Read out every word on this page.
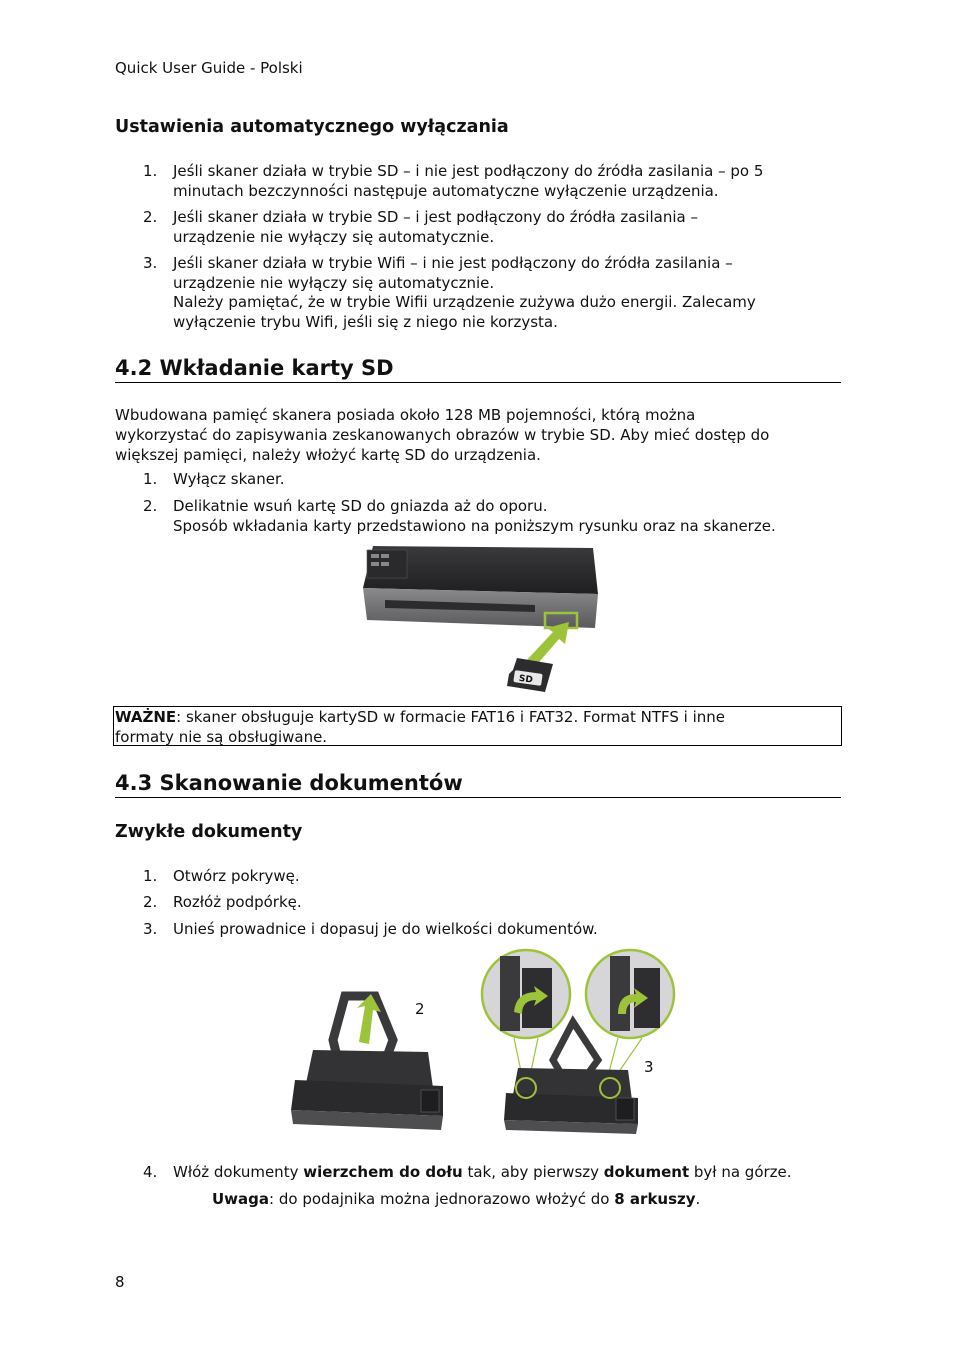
Quick User Guide - Polski
Ustawienia automatycznego wyłączania
1.	Jeśli skaner działa w trybie SD – i nie jest podłączony do źródła zasilania – po 5
minutach bezczynności następuje automatyczne wyłączenie urządzenia.
2.	Jeśli skaner działa w trybie SD – i jest podłączony do źródła zasilania –
urządzenie nie wyłączy się automatycznie.
3.	Jeśli skaner działa w trybie Wifi – i nie jest podłączony do źródła zasilania –
urządzenie nie wyłączy się automatycznie.
Należy pamiętać, że w trybie Wifii urządzenie zużywa dużo energii. Zalecamy
wyłączenie trybu Wifi, jeśli się z niego nie korzysta.
4.2 Wkładanie karty SD
Wbudowana pamięć skanera posiada około 128 MB pojemności, którą można
wykorzystać do zapisywania zeskanowanych obrazów w trybie SD. Aby mieć dostęp do
większej pamięci, należy włożyć kartę SD do urządzenia.
1.	Wyłącz skaner.
2.	Delikatnie wsuń kartę SD do gniazda aż do oporu.
Sposób wkładania karty przedstawiono na poniższym rysunku oraz na skanerze.
SD
WAŻNE: skaner obsługuje kartySD w formacie FAT16 i FAT32. Format NTFS i inne
formaty nie są obsługiwane.
4.3 Skanowanie dokumentów
Zwykłe dokumenty
1.	Otwórz pokrywę.
2.	Rozłóż podpórkę.
3.	Unieś prowadnice i dopasuj je do wielkości dokumentów.
2
3
4.	Włóż dokumenty wierzchem do dołu tak, aby pierwszy dokument był na górze.
Uwaga: do podajnika można jednorazowo włożyć do 8 arkuszy.
8
